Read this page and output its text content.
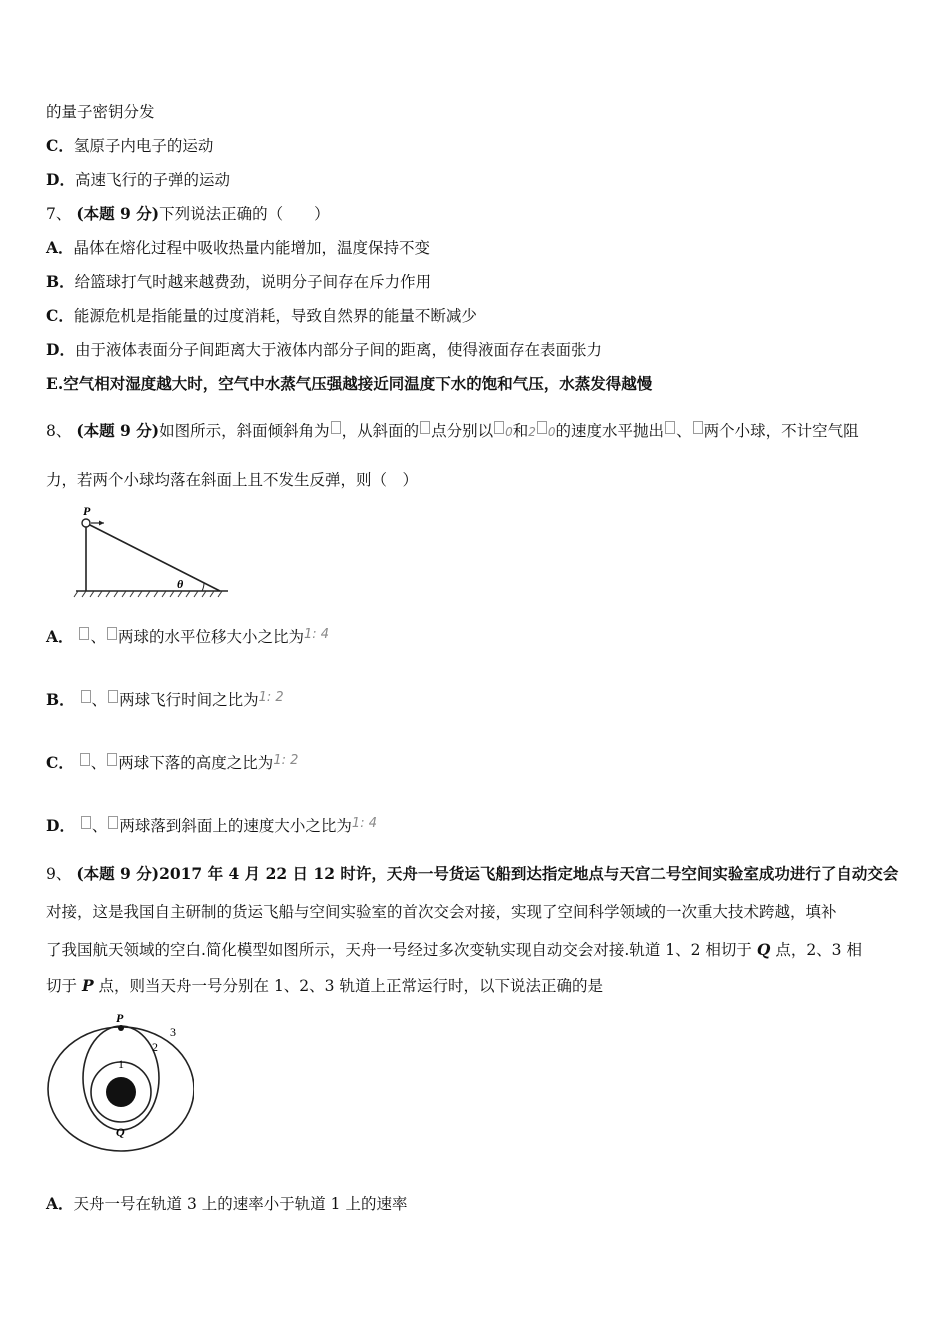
的量子密钥分发
C．氢原子内电子的运动
D．高速飞行的子弹的运动
7、 (本题 9 分)下列说法正确的（　　）
A．晶体在熔化过程中吸收热量内能增加，温度保持不变
B．给篮球打气时越来越费劲，说明分子间存在斥力作用
C．能源危机是指能量的过度消耗，导致自然界的能量不断减少
D．由于液体表面分子间距离大于液体内部分子间的距离，使得液面存在表面张力
E.空气相对湿度越大时，空气中水蒸气压强越接近同温度下水的饱和气压，水蒸发得越慢
8、 (本题 9 分)如图所示，斜面倾斜角为 ，从斜面的 点分别以 0和2 0的速度水平抛出 、 两个小球，不计空气阻
力，若两个小球均落在斜面上且不发生反弹，则（　）
P
θ
A． 、 两球的水平位移大小之比为$^{1: 4}$
B． 、 两球飞行时间之比为$^{1: 2}$
C． 、 两球下落的高度之比为$^{1: 2}$
D． 、 两球落到斜面上的速度大小之比为$^{1: 4}$
9、 (本题 9 分)2017 年 4 月 22 日 12 时许，天舟一号货运飞船到达指定地点与天宫二号空间实验室成功进行了自动交会
对接，这是我国自主研制的货运飞船与空间实验室的首次交会对接，实现了空间科学领域的一次重大技术跨越，填补
了我国航天领域的空白.简化模型如图所示，天舟一号经过多次变轨实现自动交会对接.轨道 1、2 相切于 Q 点，2、3 相
切于 P 点，则当天舟一号分别在 1、2、3 轨道上正常运行时，以下说法正确的是
P
Q
1
2
3
A．天舟一号在轨道 3 上的速率小于轨道 1 上的速率
